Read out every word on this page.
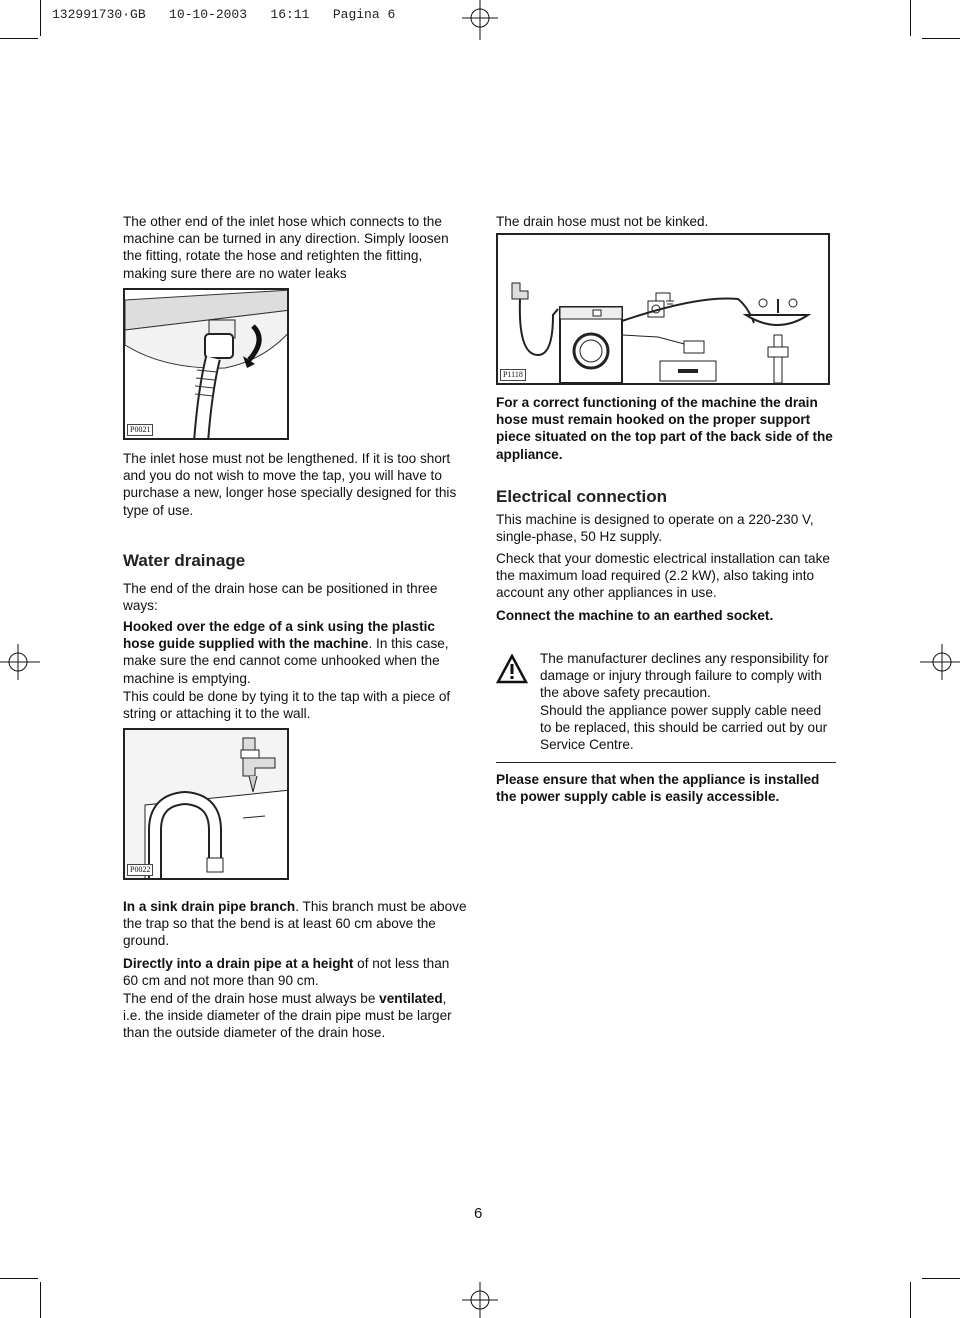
132991730·GB   10-10-2003   16:11   Pagina 6

The other end of the inlet hose which connects to the machine can be turned in any direction. Simply loosen the fitting, rotate the hose and retighten the fitting, making sure there are no water leaks

P0021

The inlet hose must not be lengthened. If it is too short and you do not wish to move the tap, you will have to purchase a new, longer hose specially designed for this type of use.

Water drainage

The end of the drain hose can be positioned in three ways:

Hooked over the edge of a sink using the plastic hose guide supplied with the machine. In this case, make sure the end cannot come unhooked when the machine is emptying.

This could be done by tying it to the tap with a piece of string or attaching it to the wall.

P0022

In a sink drain pipe branch. This branch must be above the trap so that the bend is at least 60 cm above the ground.

Directly into a drain pipe at a height of not less than 60 cm and not more than 90 cm.

The end of the drain hose must always be ventilated, i.e. the inside diameter of the drain pipe must be larger than the outside diameter of the drain hose.

The drain hose must not be kinked.

P1118

For a correct functioning of the machine the drain hose must remain hooked on the proper support piece situated on the top part of the back side of the appliance.

Electrical connection

This machine is designed to operate on a 220-230 V, single-phase, 50 Hz supply.

Check that your domestic electrical installation can take the maximum load required (2.2 kW), also taking into account any other appliances in use.

Connect the machine to an earthed socket.

The manufacturer declines any responsibility for damage or injury through failure to comply with the above safety precaution.

Should the appliance power supply cable need to be replaced, this should be carried out by our Service Centre.

Please ensure that when the appliance is installed the power supply cable is easily accessible.

6
